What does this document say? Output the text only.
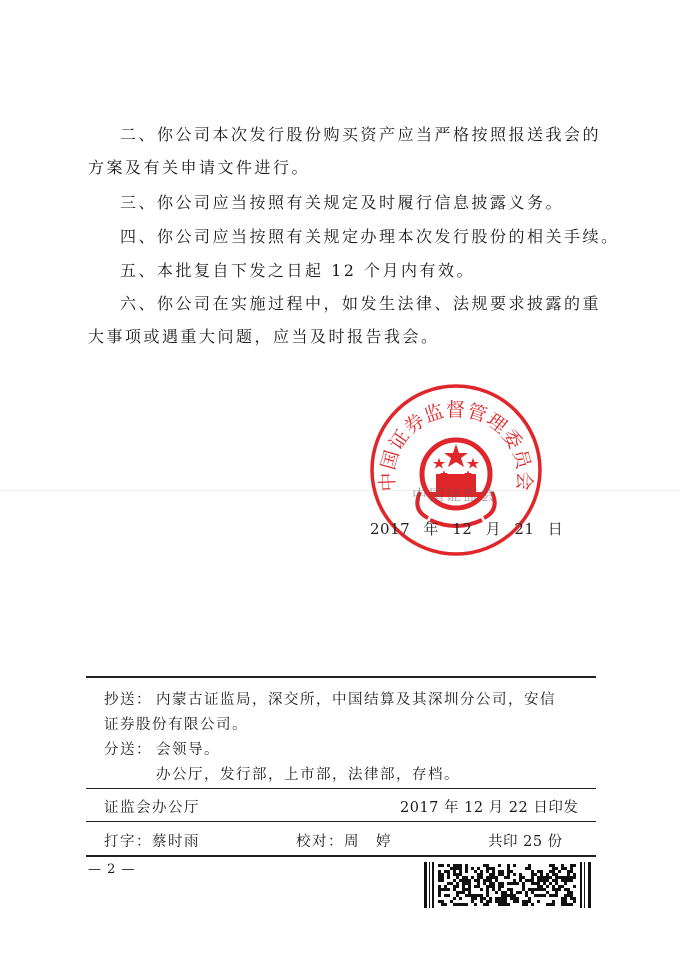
二、你公司本次发行股份购买资产应当严格按照报送我会的
方案及有关申请文件进行。
三、你公司应当按照有关规定及时履行信息披露义务。
四、你公司应当按照有关规定办理本次发行股份的相关手续。
五、本批复自下发之日起 12 个月内有效。
六、你公司在实施过程中，如发生法律、法规要求披露的重
大事项或遇重大问题，应当及时报告我会。
中国证券监督管理委员会
中国证监会
2017 年 12 月 21 日
抄送： 内蒙古证监局，深交所，中国结算及其深圳分公司，安信
证券股份有限公司。
分送： 会领导。
办公厅，发行部，上市部，法律部，存档。
证监会办公厅	2017 年 12 月 22 日印发
打字：蔡时雨	校对：周　婷	共印 25 份
— 2 —
